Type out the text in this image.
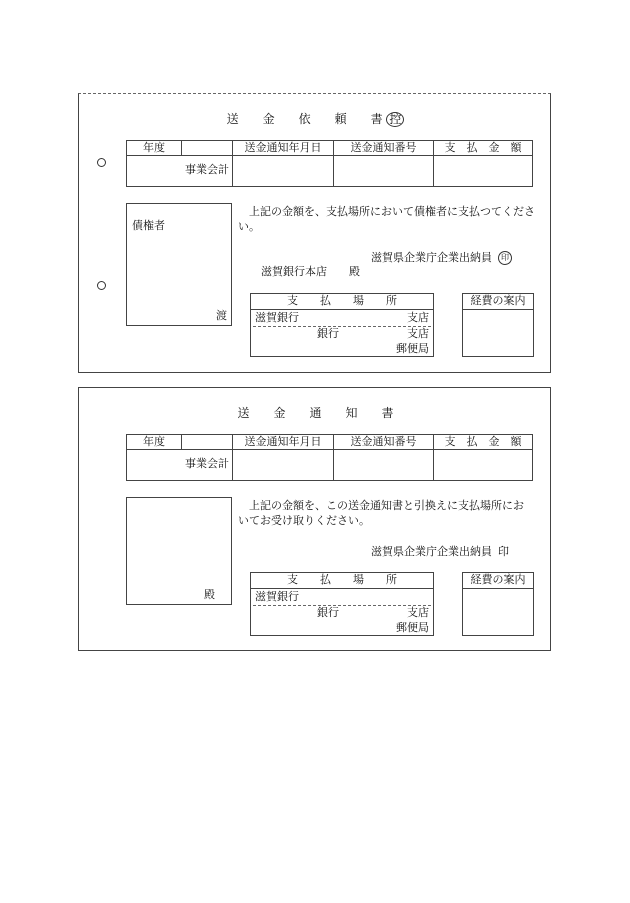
送　　金　　依　　頼　　書 控
年度	送金通知年月日	送金通知番号	支　払　金　額
事業会計
債権者
渡
上記の金額を、支払場所において債権者に支払つてくださ
い。
滋賀県企業庁企業出納員 印
滋賀銀行本店 殿
支　　払　　場　　所
滋賀銀行	支店
銀行	支店
郵便局
経費の案内
送　　金　　通　　知　　書
年度	送金通知年月日	送金通知番号	支　払　金　額
事業会計
殿
上記の金額を、この送金通知書と引換えに支払場所にお
いてお受け取りください。
滋賀県企業庁企業出納員 印
支　　払　　場　　所
滋賀銀行
銀行	支店
郵便局
経費の案内
